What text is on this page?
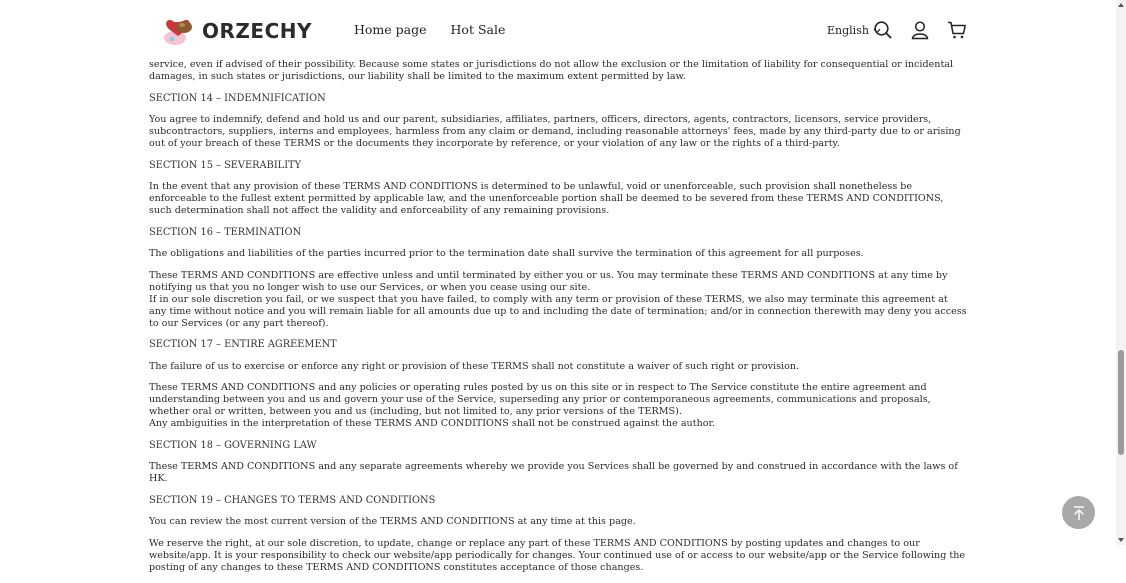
ORZECHY	Home page Hot Sale	English

service, even if advised of their possibility. Because some states or jurisdictions do not allow the exclusion or the limitation of liability for consequential or incidental damages, in such states or jurisdictions, our liability shall be limited to the maximum extent permitted by law.

SECTION 14 – INDEMNIFICATION

You agree to indemnify, defend and hold us and our parent, subsidiaries, affiliates, partners, officers, directors, agents, contractors, licensors, service providers, subcontractors, suppliers, interns and employees, harmless from any claim or demand, including reasonable attorneys' fees, made by any third-party due to or arising out of your breach of these TERMS or the documents they incorporate by reference, or your violation of any law or the rights of a third-party.

SECTION 15 – SEVERABILITY

In the event that any provision of these TERMS AND CONDITIONS is determined to be unlawful, void or unenforceable, such provision shall nonetheless be enforceable to the fullest extent permitted by applicable law, and the unenforceable portion shall be deemed to be severed from these TERMS AND CONDITIONS, such determination shall not affect the validity and enforceability of any remaining provisions.

SECTION 16 – TERMINATION

The obligations and liabilities of the parties incurred prior to the termination date shall survive the termination of this agreement for all purposes.

These TERMS AND CONDITIONS are effective unless and until terminated by either you or us. You may terminate these TERMS AND CONDITIONS at any time by notifying us that you no longer wish to use our Services, or when you cease using our site.

If in our sole discretion you fail, or we suspect that you have failed, to comply with any term or provision of these TERMS, we also may terminate this agreement at any time without notice and you will remain liable for all amounts due up to and including the date of termination; and/or in connection therewith may deny you access to our Services (or any part thereof).

SECTION 17 – ENTIRE AGREEMENT

The failure of us to exercise or enforce any right or provision of these TERMS shall not constitute a waiver of such right or provision.

These TERMS AND CONDITIONS and any policies or operating rules posted by us on this site or in respect to The Service constitute the entire agreement and understanding between you and us and govern your use of the Service, superseding any prior or contemporaneous agreements, communications and proposals, whether oral or written, between you and us (including, but not limited to, any prior versions of the TERMS).

Any ambiguities in the interpretation of these TERMS AND CONDITIONS shall not be construed against the author.

SECTION 18 – GOVERNING LAW

These TERMS AND CONDITIONS and any separate agreements whereby we provide you Services shall be governed by and construed in accordance with the laws of HK.

SECTION 19 – CHANGES TO TERMS AND CONDITIONS

You can review the most current version of the TERMS AND CONDITIONS at any time at this page.

We reserve the right, at our sole discretion, to update, change or replace any part of these TERMS AND CONDITIONS by posting updates and changes to our website/app. It is your responsibility to check our website/app periodically for changes. Your continued use of or access to our website/app or the Service following the posting of any changes to these TERMS AND CONDITIONS constitutes acceptance of those changes.
